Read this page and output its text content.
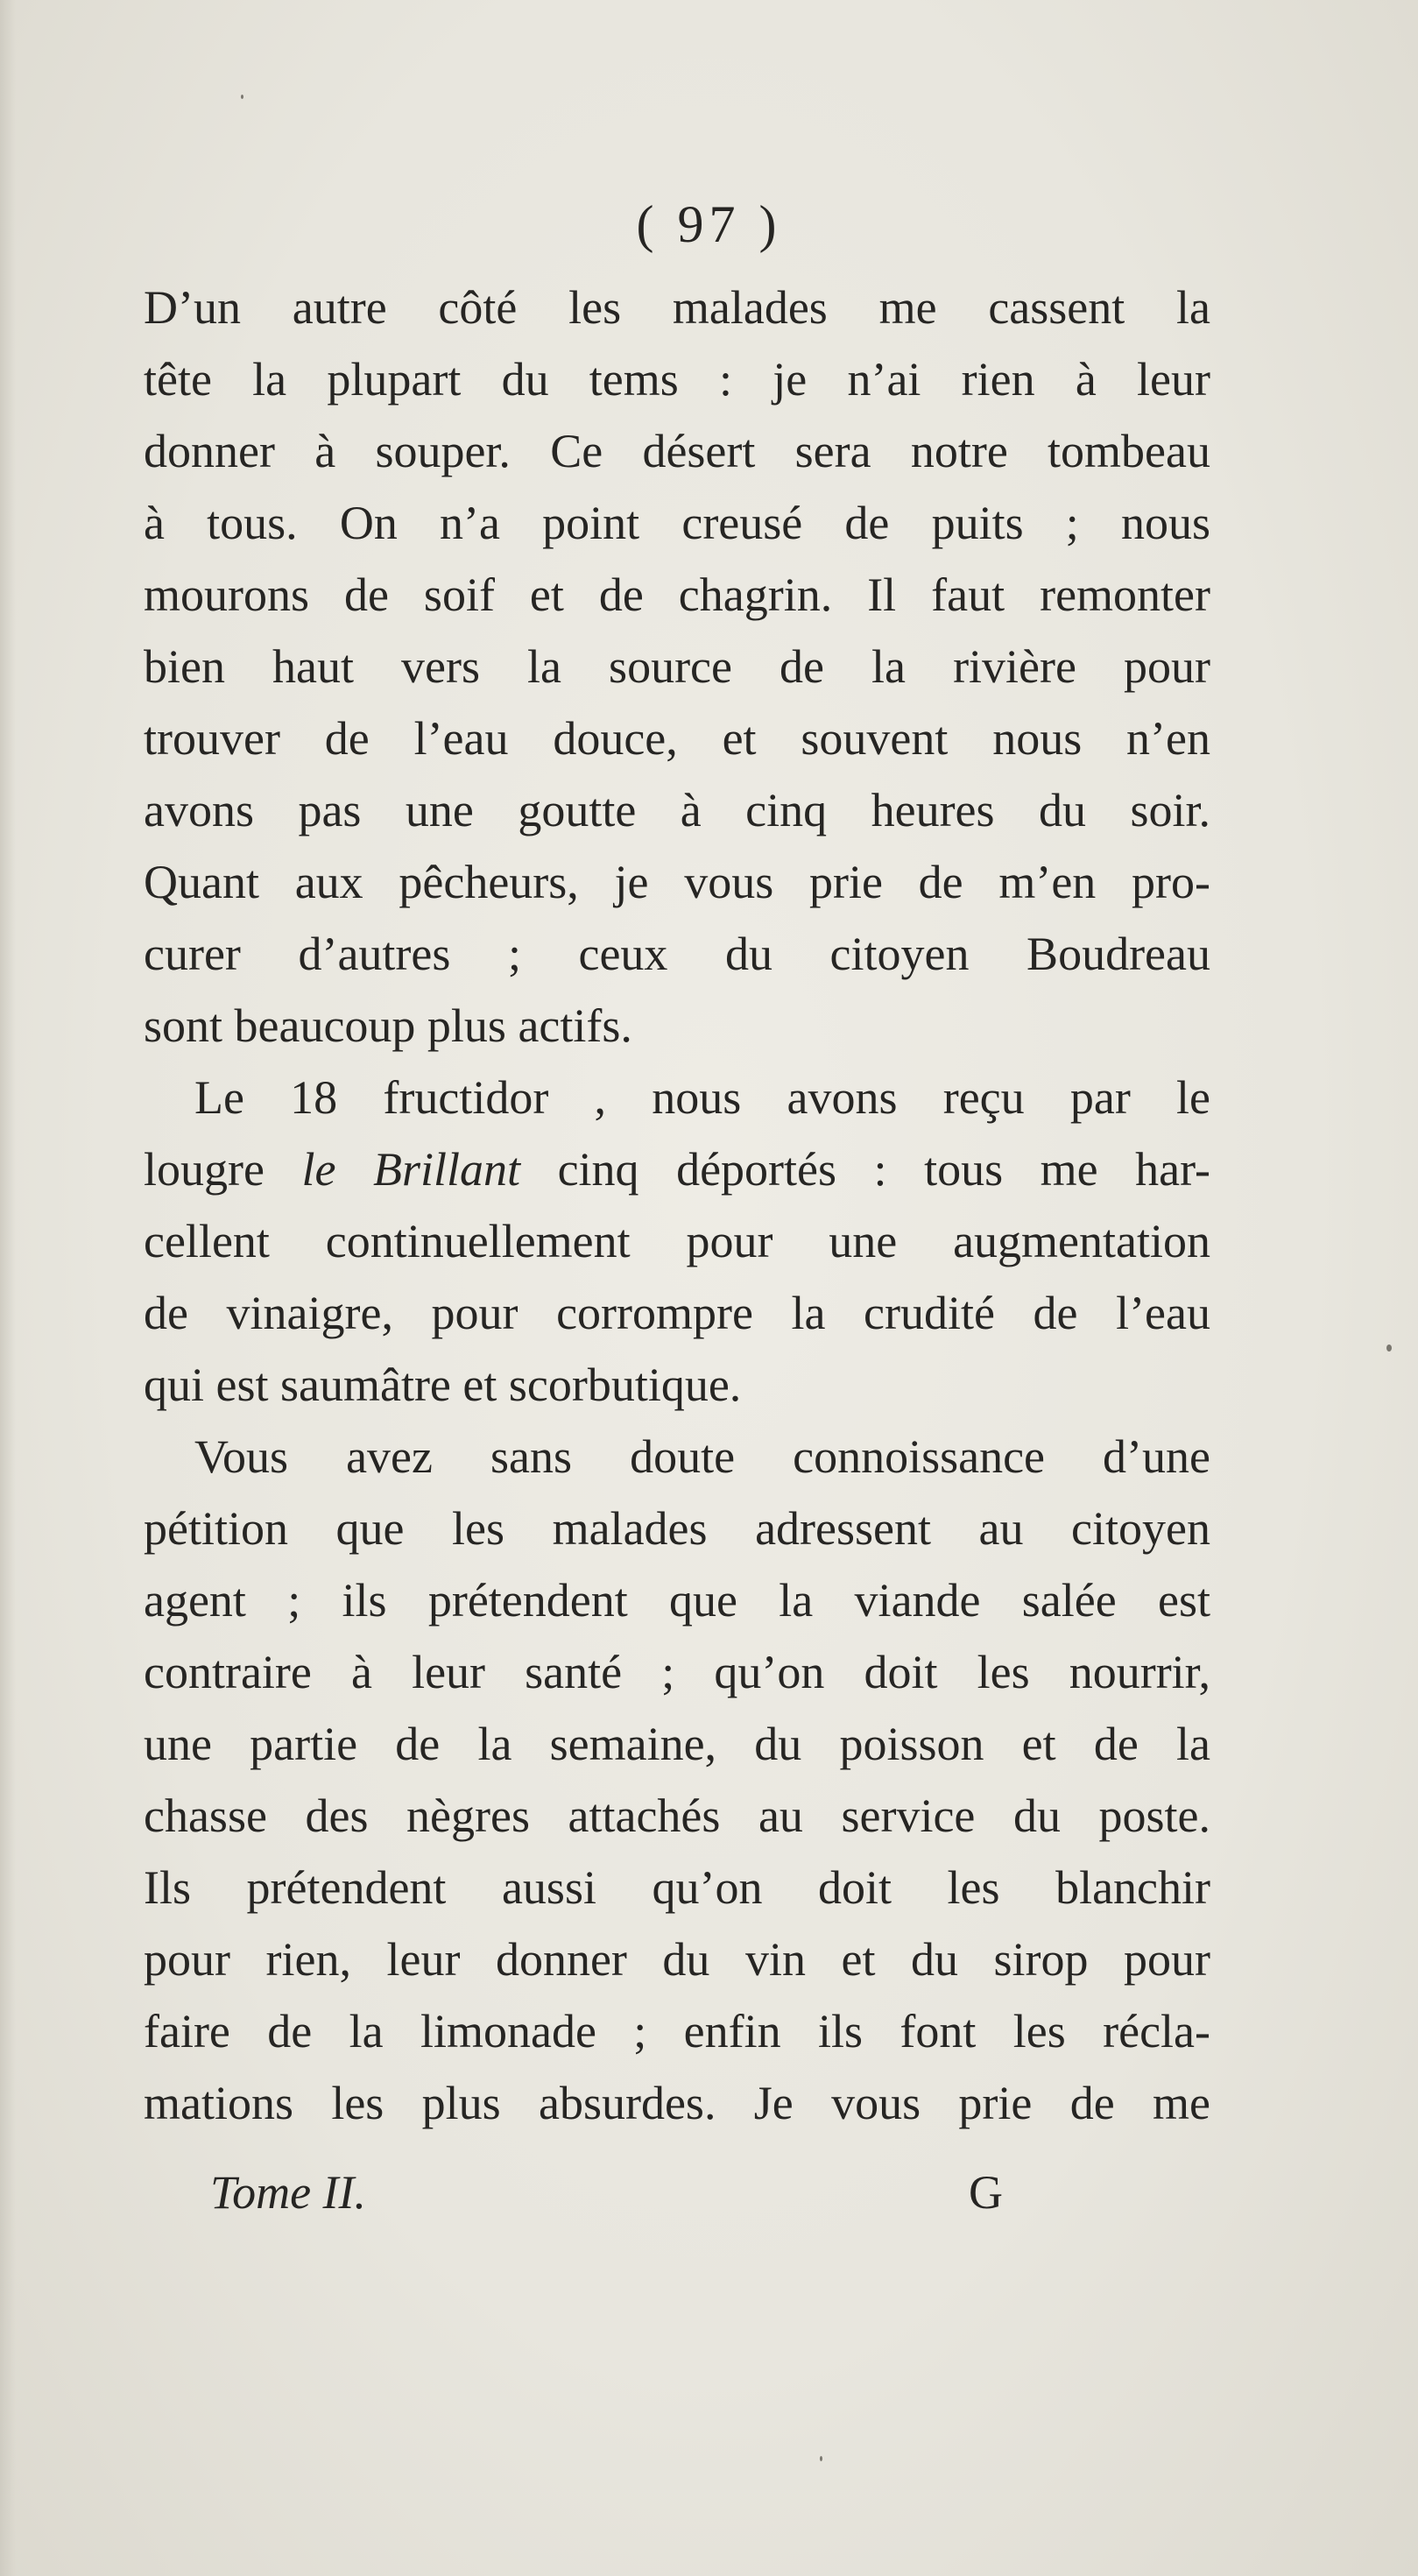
( 97 )
D’un autre côté les malades me cassent la
tête la plupart du tems : je n’ai rien à leur
donner à souper. Ce désert sera notre tombeau
à tous. On n’a point creusé de puits ; nous
mourons de soif et de chagrin. Il faut remonter
bien haut vers la source de la rivière pour
trouver de l’eau douce, et souvent nous n’en
avons pas une goutte à cinq heures du soir.
Quant aux pêcheurs, je vous prie de m’en pro-
curer d’autres ; ceux du citoyen Boudreau
sont beaucoup plus actifs.
Le 18 fructidor , nous avons reçu par le
lougre le Brillant cinq déportés : tous me har-
cellent continuellement pour une augmentation
de vinaigre, pour corrompre la crudité de l’eau
qui est saumâtre et scorbutique.
Vous avez sans doute connoissance d’une
pétition que les malades adressent au citoyen
agent ; ils prétendent que la viande salée est
contraire à leur santé ; qu’on doit les nourrir,
une partie de la semaine, du poisson et de la
chasse des nègres attachés au service du poste.
Ils prétendent aussi qu’on doit les blanchir
pour rien, leur donner du vin et du sirop pour
faire de la limonade ; enfin ils font les récla-
mations les plus absurdes. Je vous prie de me
Tome II.	G
